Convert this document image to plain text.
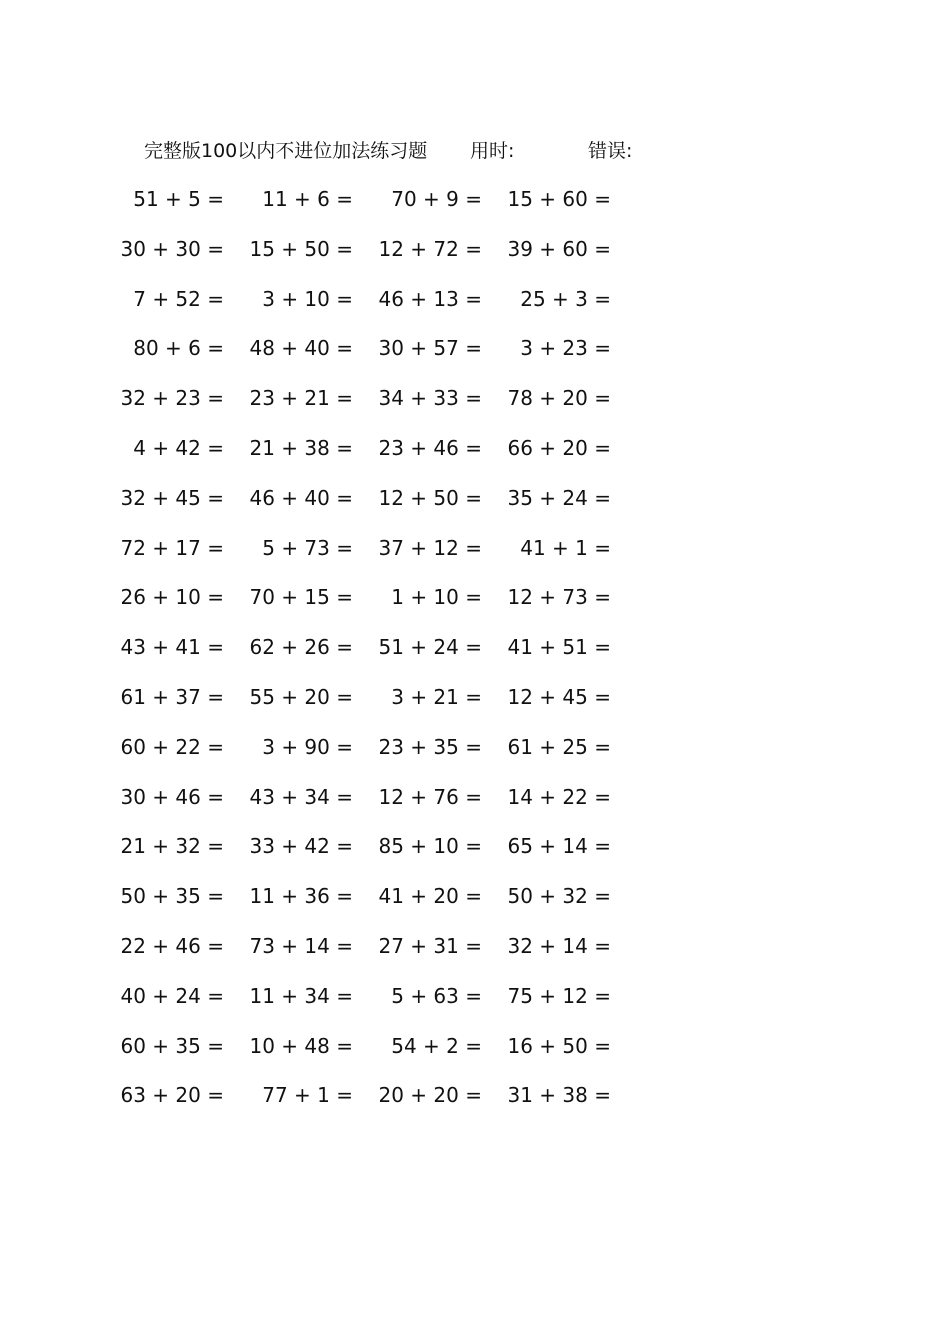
完整版100以内不进位加法练习题 用时:	错误:
51 + 5 = 11 + 6 = 70 + 9 = 15 + 60 =
30 + 30 = 15 + 50 = 12 + 72 = 39 + 60 =
7 + 52 = 3 + 10 = 46 + 13 = 25 + 3 =
80 + 6 = 48 + 40 = 30 + 57 = 3 + 23 =
32 + 23 = 23 + 21 = 34 + 33 = 78 + 20 =
4 + 42 = 21 + 38 = 23 + 46 = 66 + 20 =
32 + 45 = 46 + 40 = 12 + 50 = 35 + 24 =
72 + 17 = 5 + 73 = 37 + 12 = 41 + 1 =
26 + 10 = 70 + 15 = 1 + 10 = 12 + 73 =
43 + 41 = 62 + 26 = 51 + 24 = 41 + 51 =
61 + 37 = 55 + 20 = 3 + 21 = 12 + 45 =
60 + 22 = 3 + 90 = 23 + 35 = 61 + 25 =
30 + 46 = 43 + 34 = 12 + 76 = 14 + 22 =
21 + 32 = 33 + 42 = 85 + 10 = 65 + 14 =
50 + 35 = 11 + 36 = 41 + 20 = 50 + 32 =
22 + 46 = 73 + 14 = 27 + 31 = 32 + 14 =
40 + 24 = 11 + 34 = 5 + 63 = 75 + 12 =
60 + 35 = 10 + 48 = 54 + 2 = 16 + 50 =
63 + 20 = 77 + 1 = 20 + 20 = 31 + 38 =
